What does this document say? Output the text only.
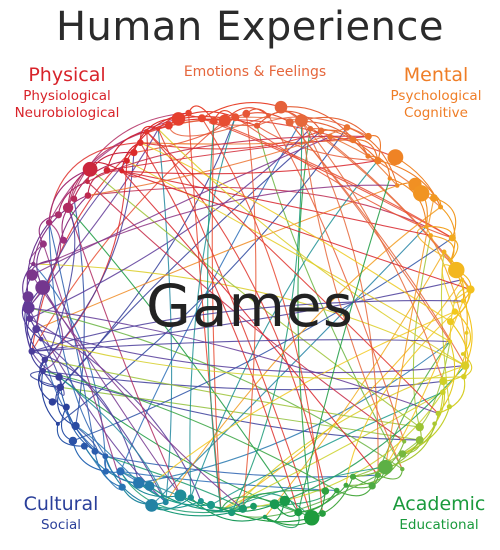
Human Experience
Physical
Physiological
Neurobiological
Emotions & Feelings	Mental
Psychological
Cognitive
Cultural
Social
Academic
Educational
Games
